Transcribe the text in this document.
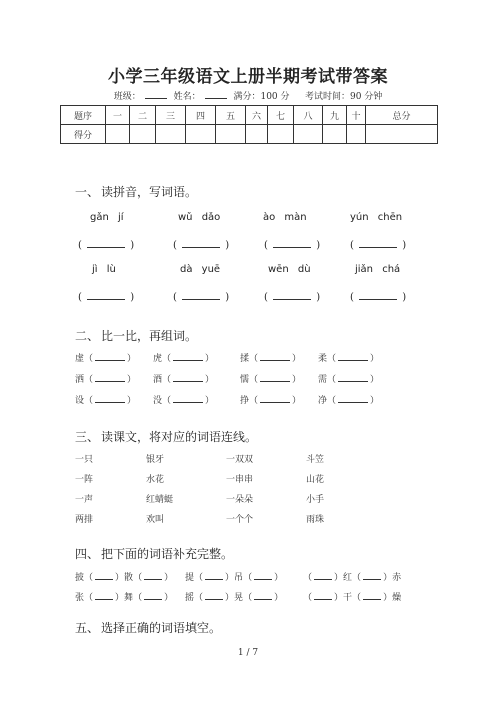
小学三年级语文上册半期考试带答案
班级：	姓名：	满分：100 分 考试时间：90 分钟
题序	一	二	三	四	五	六	七	八	九	十	总分
得分											
一、 读拼音，写词语。
gǎn jí	wǔ dǎo	ào màn	yún chēn
(	)	(	)	(	)	(	)
jì lù	dà yuē	wēn dù	jiǎn chá
(	)	(	)	(	)	(	)
二、 比一比，再组词。
虚（	） 虎（	）	揉（	） 柔（	）
洒（	） 酒（	）	懦（	） 需（	）
设（	） 没（	）	挣（	） 净（	）
三、 读课文，将对应的词语连线。
一只	银牙	一双双	斗笠
一阵	水花	一串串	山花
一声	红蜻蜓	一朵朵	小手
两排	欢叫	一个个	雨珠
四、 把下面的词语补充完整。
披（ ）散（ ） 提（ ）吊（ ） （ ）红（ ）赤
张（ ）舞（ ） 摇（ ）晃（ ） （ ）干（ ）燥
五、 选择正确的词语填空。
1 / 7
